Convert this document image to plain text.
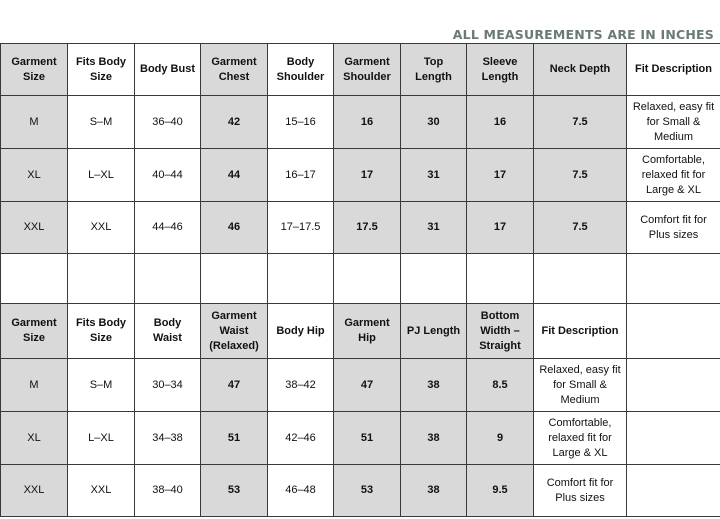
ALL MEASUREMENTS ARE IN INCHES
Garment Size	Fits Body Size	Body Bust	Garment Chest	Body Shoulder	Garment Shoulder	Top Length	Sleeve Length	Neck Depth	Fit Description
M	S–M	36–40	42	15–16	16	30	16	7.5	Relaxed, easy fit for Small & Medium
XL	L–XL	40–44	44	16–17	17	31	17	7.5	Comfortable, relaxed fit for Large & XL
XXL	XXL	44–46	46	17–17.5	17.5	31	17	7.5	Comfort fit for Plus sizes

Garment Size	Fits Body Size	Body Waist	Garment Waist (Relaxed)	Body Hip	Garment Hip	PJ Length	Bottom Width – Straight	Fit Description	
M	S–M	30–34	47	38–42	47	38	8.5	Relaxed, easy fit for Small & Medium	
XL	L–XL	34–38	51	42–46	51	38	9	Comfortable, relaxed fit for Large & XL	
XXL	XXL	38–40	53	46–48	53	38	9.5	Comfort fit for Plus sizes	
